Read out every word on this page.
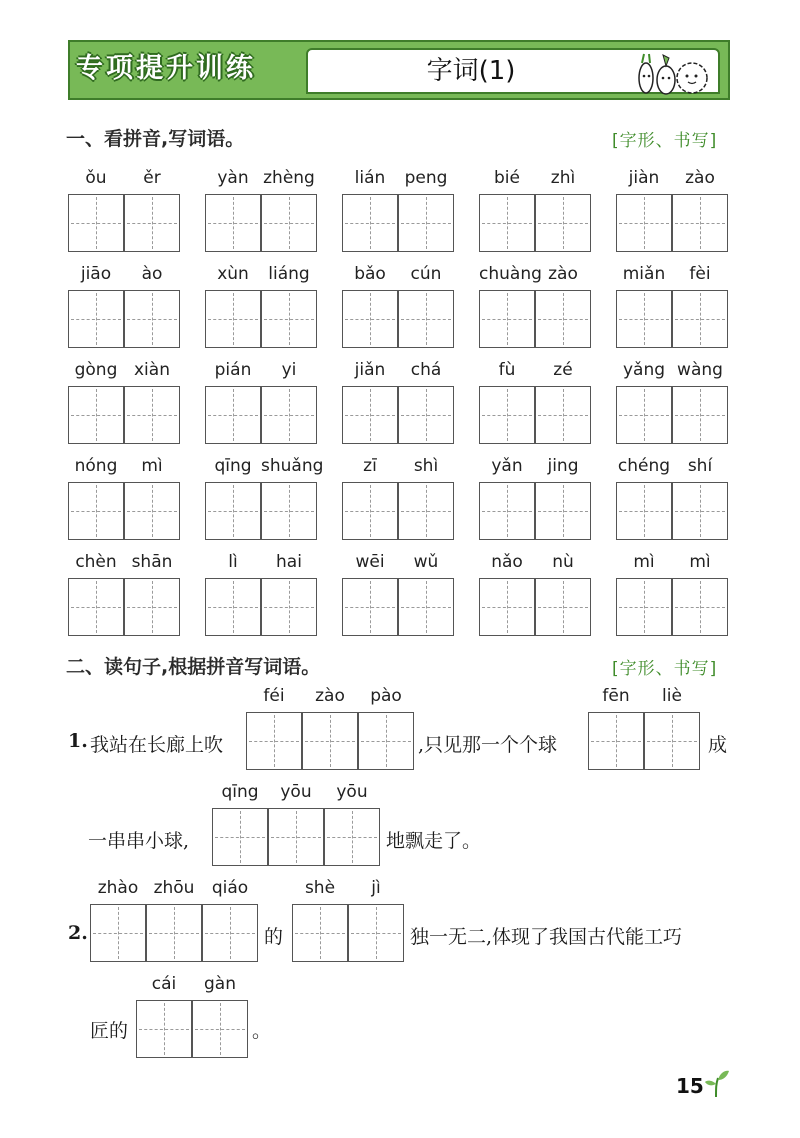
专项提升训练	字词(1)
一、看拼音,写词语。	[字形、书写]
ǒu	ěr	yàn zhèng	lián	peng	bié	zhì	jiàn	zào
jiāo	ào	xùn	liáng	bǎo	cún	chuàng zào	miǎn	fèi
gòng xiàn	pián	yi	jiǎn	chá	fù	zé	yǎng wàng
nóng	mì	qīng shuǎng	zī	shì	yǎn	jing	chéng	shí
chèn shān	lì	hai	wēi	wǔ	nǎo	nù	mì	mì
二、读句子,根据拼音写词语。	[字形、书写]
1. 我站在长廊上吹	,只见那一个个球	成
一串串小球,	地飘走了。
2.	的	独一无二,体现了我国古代能工巧
匠的	。
15
féi	zào	pào	fēn	liè
qīng	yōu	yōu
zhào zhōu	qiáo	shè	jì
cái	gàn
